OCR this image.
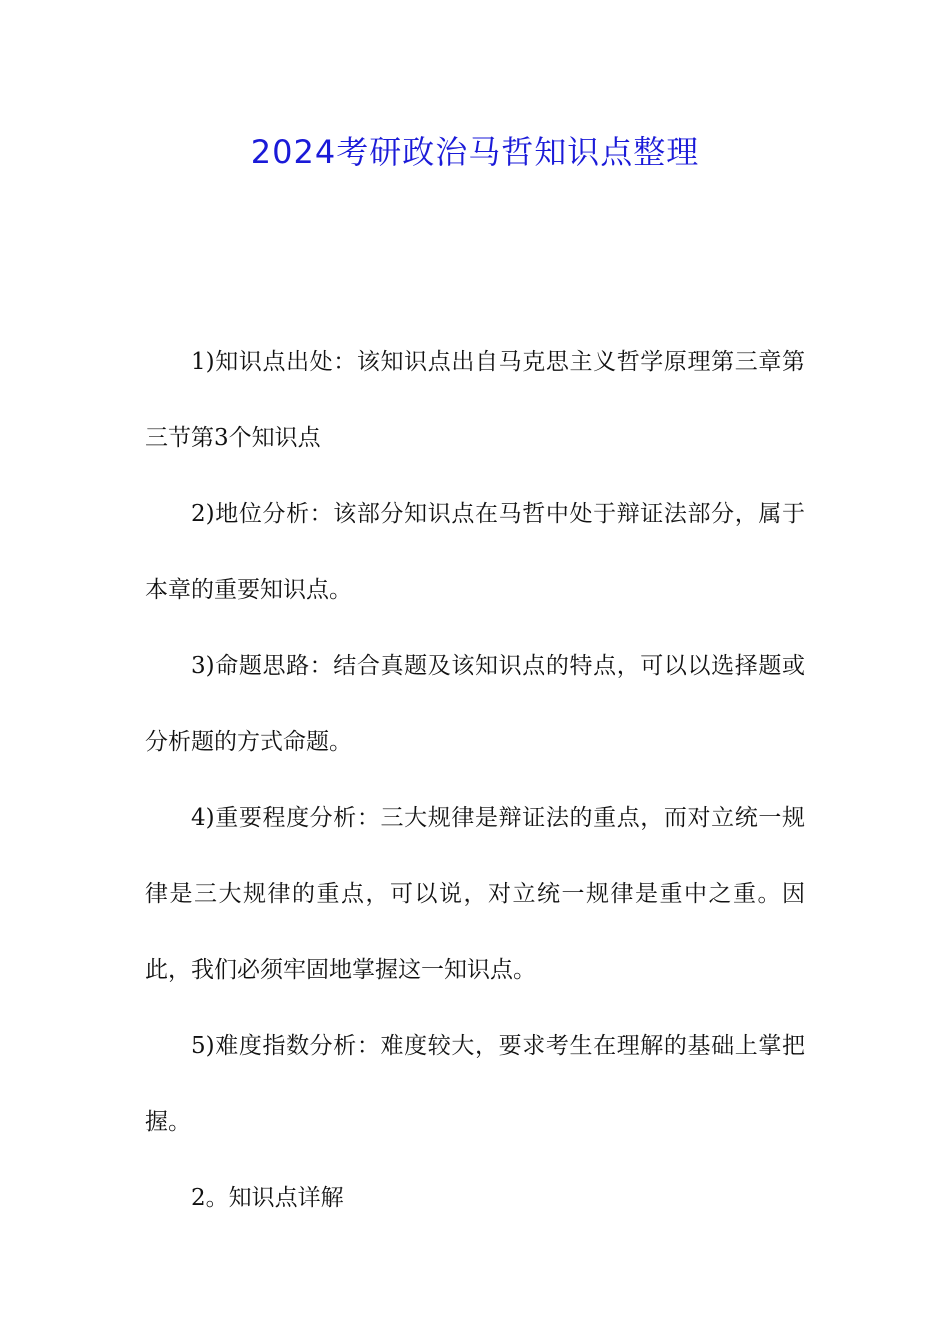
2024考研政治马哲知识点整理

1)知识点出处：该知识点出自马克思主义哲学原理第三章第三节第3个知识点

2)地位分析：该部分知识点在马哲中处于辩证法部分，属于本章的重要知识点。

3)命题思路：结合真题及该知识点的特点，可以以选择题或分析题的方式命题。

4)重要程度分析：三大规律是辩证法的重点，而对立统一规律是三大规律的重点，可以说，对立统一规律是重中之重。因此，我们必须牢固地掌握这一知识点。

5)难度指数分析：难度较大，要求考生在理解的基础上掌把握。

2。知识点详解
